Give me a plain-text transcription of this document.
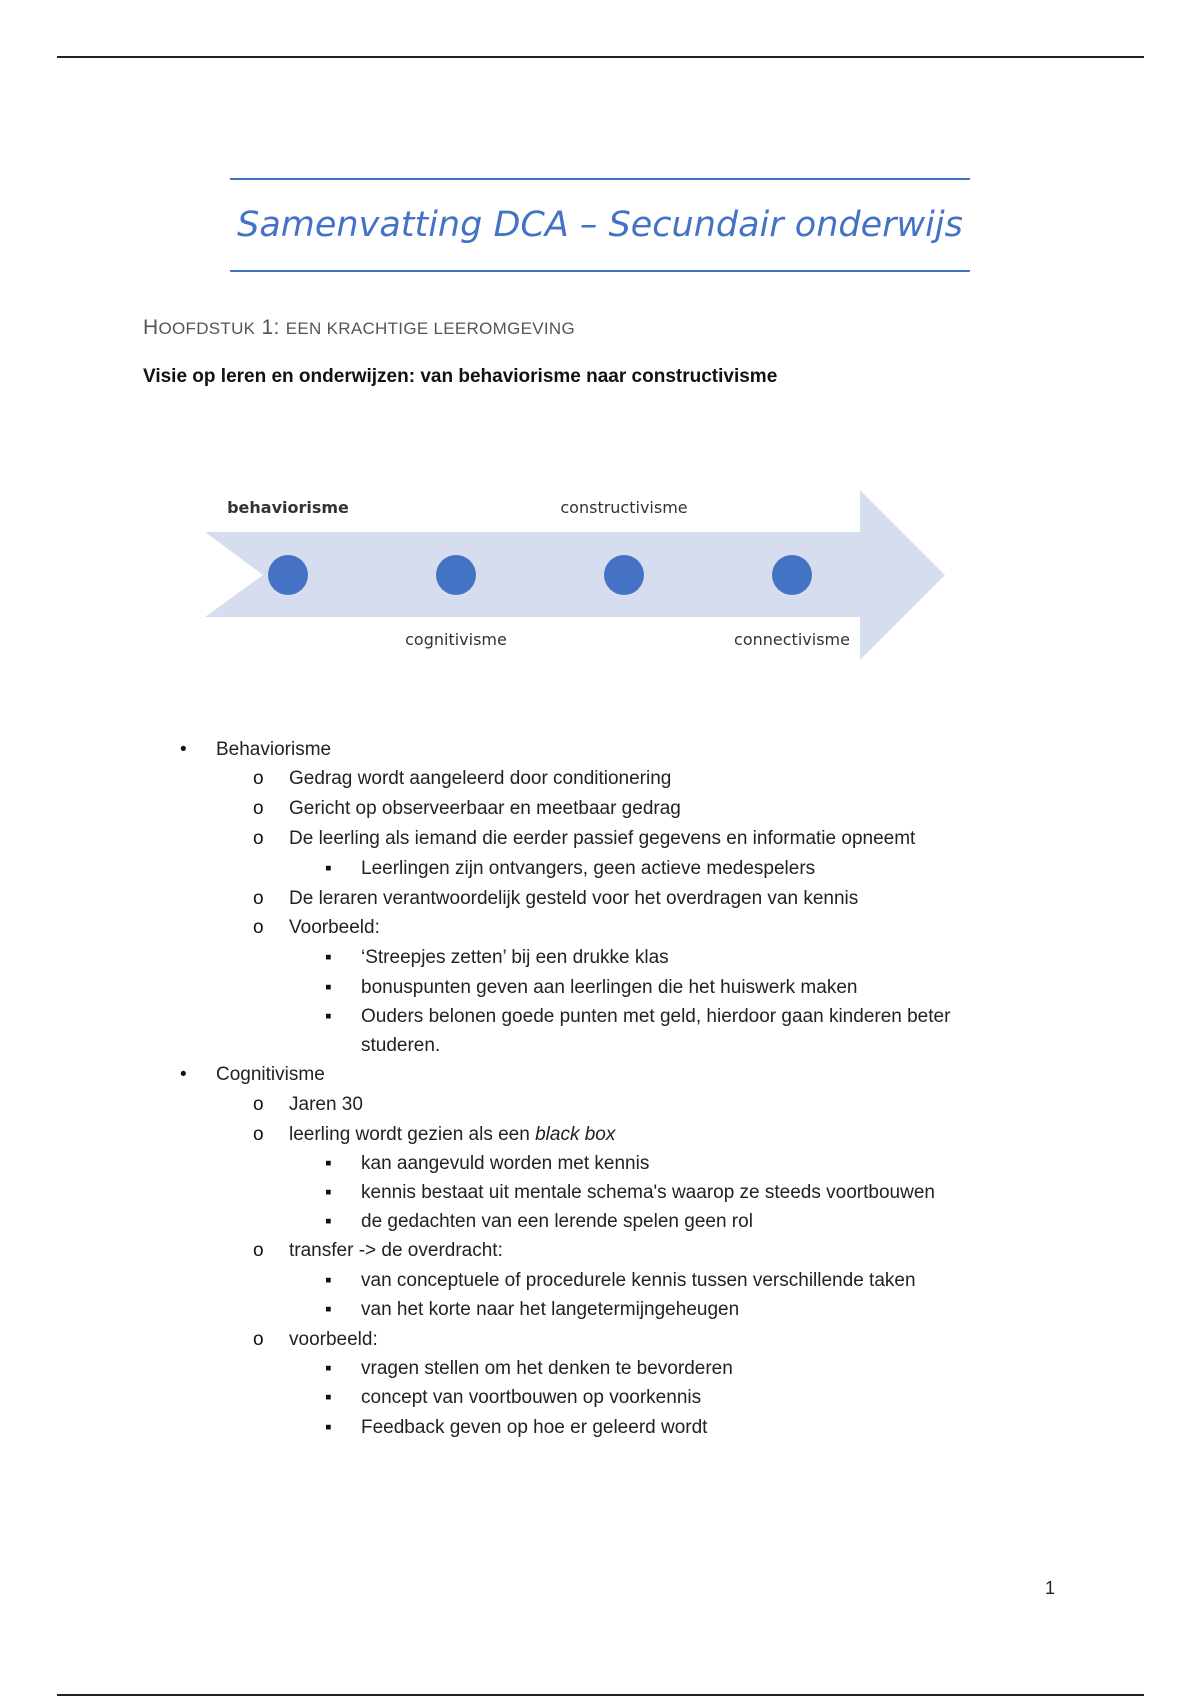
Samenvatting DCA – Secundair onderwijs
HOOFDSTUK 1: EEN KRACHTIGE LEEROMGEVING
Visie op leren en onderwijzen: van behaviorisme naar constructivisme
behaviorisme
cognitivisme
constructivisme
connectivisme
• Behaviorisme
o Gedrag wordt aangeleerd door conditionering
o Gericht op observeerbaar en meetbaar gedrag
o De leerling als iemand die eerder passief gegevens en informatie opneemt
▪ Leerlingen zijn ontvangers, geen actieve medespelers
o De leraren verantwoordelijk gesteld voor het overdragen van kennis
o Voorbeeld:
▪ ‘Streepjes zetten’ bij een drukke klas
▪ bonuspunten geven aan leerlingen die het huiswerk maken
▪ Ouders belonen goede punten met geld, hierdoor gaan kinderen beter
studeren.
• Cognitivisme
o Jaren 30
o leerling wordt gezien als een black box
▪ kan aangevuld worden met kennis
▪ kennis bestaat uit mentale schema's waarop ze steeds voortbouwen
▪ de gedachten van een lerende spelen geen rol
o transfer -> de overdracht:
▪ van conceptuele of procedurele kennis tussen verschillende taken
▪ van het korte naar het langetermijngeheugen
o voorbeeld:
▪ vragen stellen om het denken te bevorderen
▪ concept van voortbouwen op voorkennis
▪ Feedback geven op hoe er geleerd wordt
1
